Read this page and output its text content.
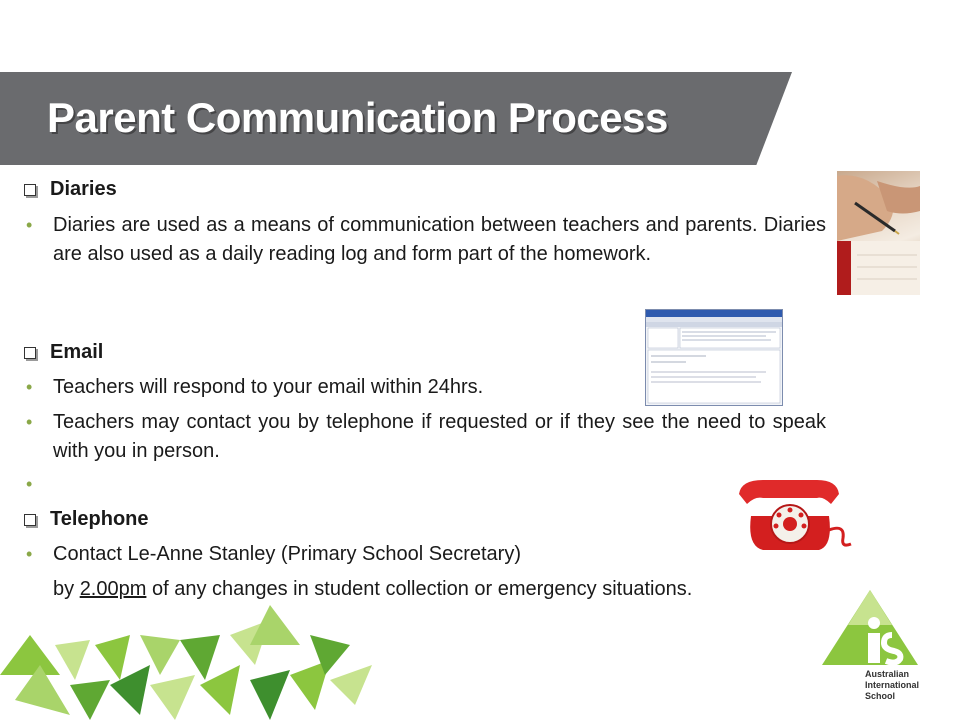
Parent Communication Process
Diaries
• Diaries are used as a means of communication between teachers and parents. Diaries are also used as a daily reading log and form part of the homework.
Email
• Teachers will respond to your email within 24hrs.
• Teachers may contact you by telephone if requested or if they see the need to speak with you in person.
•
Telephone
• Contact Le-Anne Stanley (Primary School Secretary)
by 2.00pm of any changes in student collection or emergency situations.
Australian
International
School
